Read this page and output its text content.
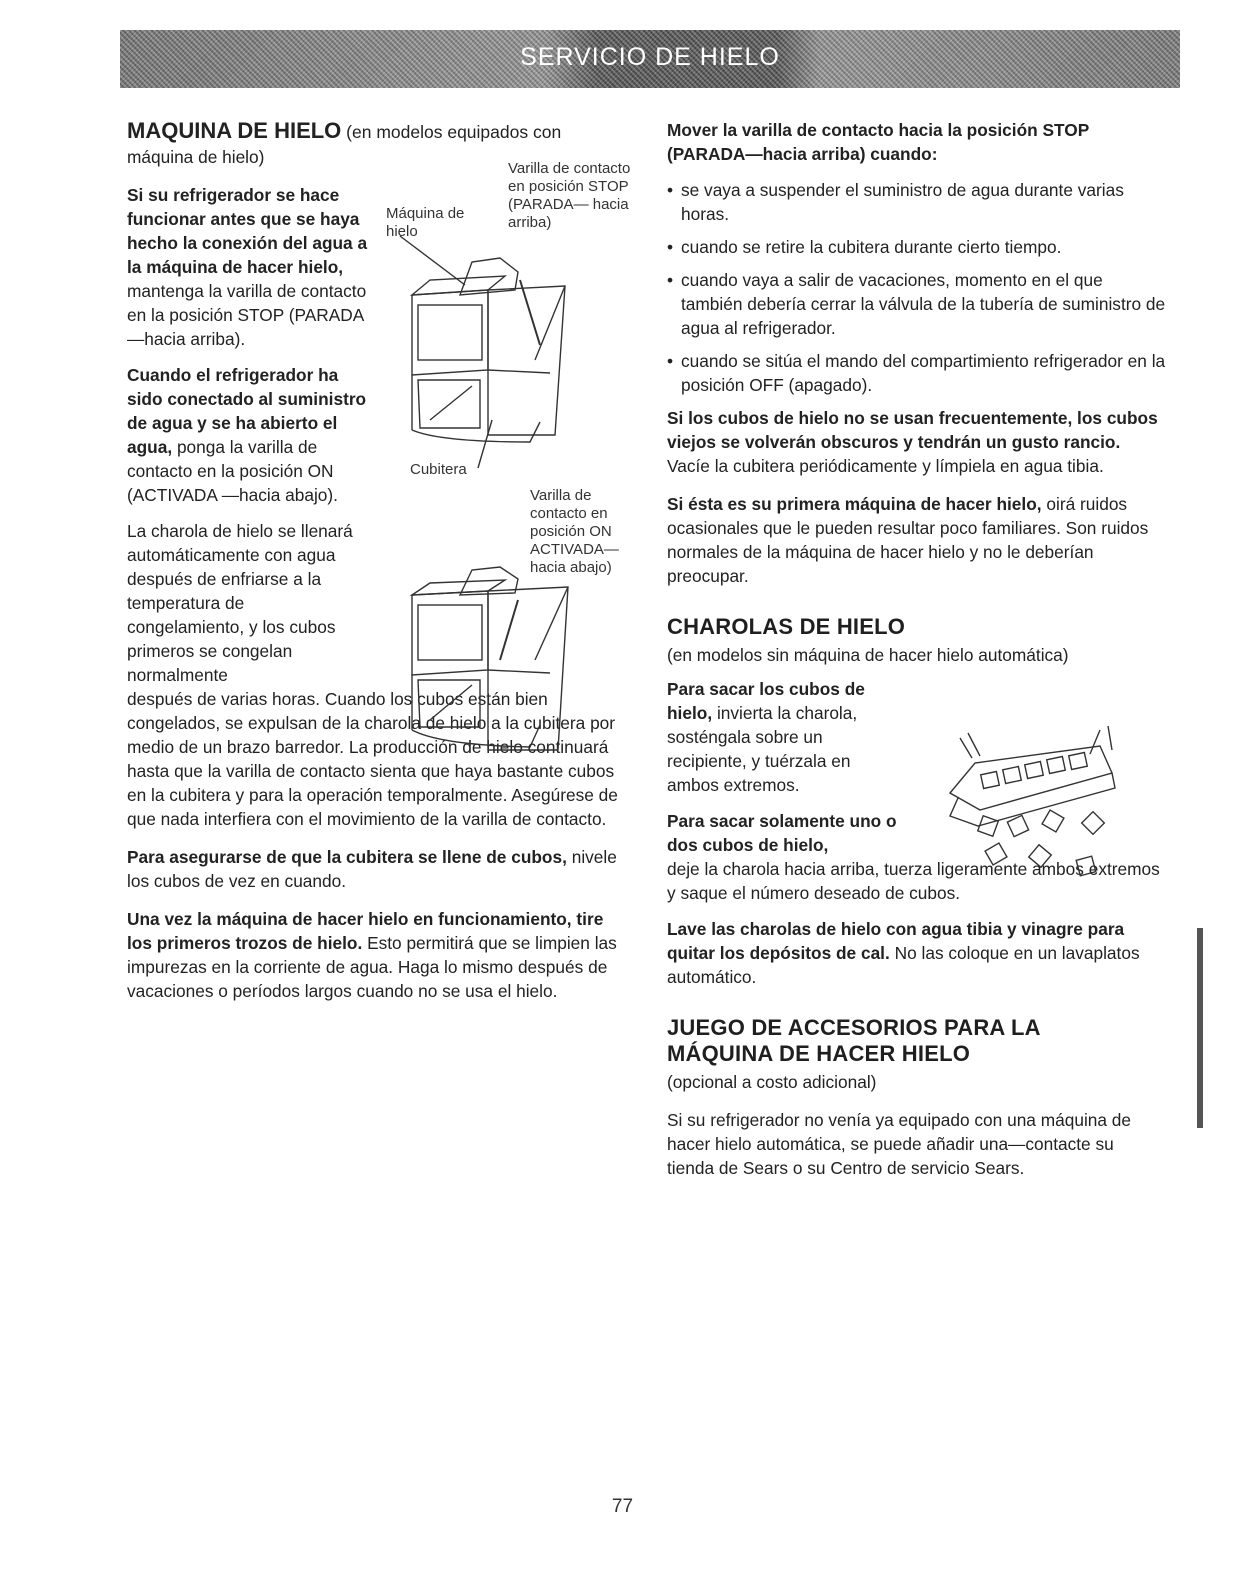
SERVICIO DE HIELO
MAQUINA DE HIELO (en modelos equipados con

máquina de hielo)

Si su refrigerador se hace funcionar antes que se haya hecho la conexión del agua a la máquina de hacer hielo, mantenga la varilla de contacto en la posición STOP (PARADA—hacia arriba).

Cuando el refrigerador ha sido conectado al suministro de agua y se ha abierto el agua, ponga la varilla de contacto en la posición ON (ACTIVADA —hacia abajo).

La charola de hielo se llenará automáticamente con agua después de enfriarse a la temperatura de congelamiento, y los cubos primeros se congelan normalmente

después de varias horas. Cuando los cubos están bien congelados, se expulsan de la charola de hielo a la cubitera por medio de un brazo barredor. La producción de hielo continuará hasta que la varilla de contacto sienta que haya bastante cubos en la cubitera y para la operación temporalmente. Asegúrese de que nada interfiera con el movimiento de la varilla de contacto.

Para asegurarse de que la cubitera se llene de cubos, nivele los cubos de vez en cuando.

Una vez la máquina de hacer hielo en funcionamiento, tire los primeros trozos de hielo. Esto permitirá que se limpien las impurezas en la corriente de agua. Haga lo mismo después de vacaciones o períodos largos cuando no se usa el hielo.

Varilla de contacto en posición STOP (PARADA— hacia arriba)
Máquina de hielo
Cubitera
Varilla de contacto en posición ON ACTIVADA— hacia abajo)

Mover la varilla de contacto hacia la posición STOP (PARADA—hacia arriba) cuando:

• se vaya a suspender el suministro de agua durante varias horas.
• cuando se retire la cubitera durante cierto tiempo.
• cuando vaya a salir de vacaciones, momento en el que también debería cerrar la válvula de la tubería de suministro de agua al refrigerador.
• cuando se sitúa el mando del compartimiento refrigerador en la posición OFF (apagado).

Si los cubos de hielo no se usan frecuentemente, los cubos viejos se volverán obscuros y tendrán un gusto rancio. Vacíe la cubitera periódicamente y límpiela en agua tibia.

Si ésta es su primera máquina de hacer hielo, oirá ruidos ocasionales que le pueden resultar poco familiares. Son ruidos normales de la máquina de hacer hielo y no le deberían preocupar.

CHAROLAS DE HIELO

(en modelos sin máquina de hacer hielo automática)

Para sacar los cubos de hielo, invierta la charola, sosténgala sobre un recipiente, y tuérzala en ambos extremos.

Para sacar solamente uno o dos cubos de hielo,
deje la charola hacia arriba, tuerza ligeramente ambos extremos y saque el número deseado de cubos.

Lave las charolas de hielo con agua tibia y vinagre para quitar los depósitos de cal. No las coloque en un lavaplatos automático.

JUEGO DE ACCESORIOS PARA LA
MÁQUINA DE HACER HIELO

(opcional a costo adicional)

Si su refrigerador no venía ya equipado con una máquina de hacer hielo automática, se puede añadir una—contacte su tienda de Sears o su Centro de servicio Sears.

77
